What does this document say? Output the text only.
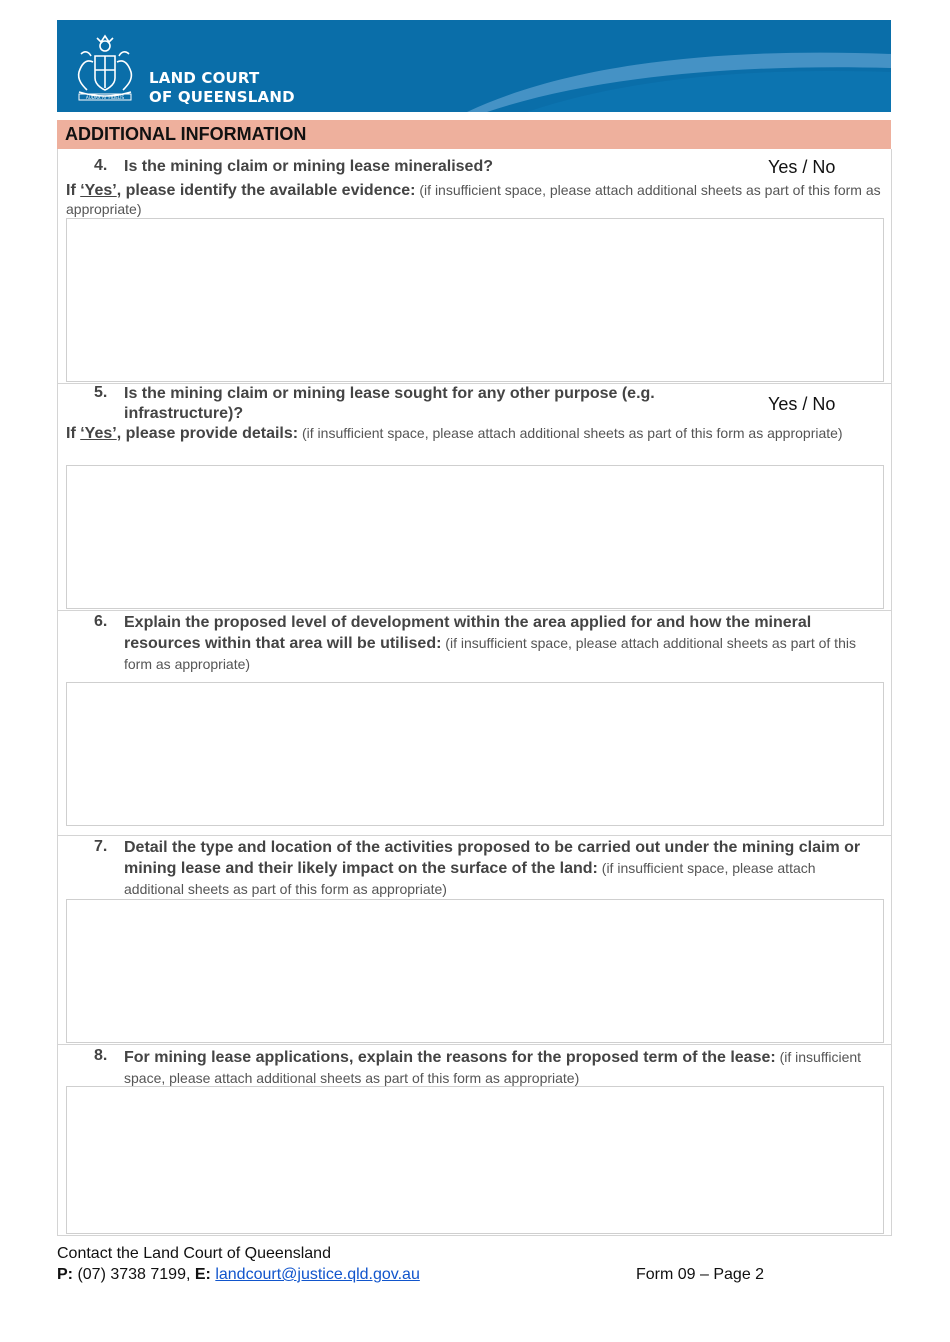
AUDAX AT FIDELIS
LAND COURT
OF QUEENSLAND
ADDITIONAL INFORMATION
4. Is the mining claim or mining lease mineralised?	Yes / No
If ‘Yes’, please identify the available evidence: (if insufficient space, please attach additional sheets as part of this form as appropriate)
5. Is the mining claim or mining lease sought for any other purpose (e.g. infrastructure)?	Yes / No
If ‘Yes’, please provide details: (if insufficient space, please attach additional sheets as part of this form as appropriate)
6. Explain the proposed level of development within the area applied for and how the mineral resources within that area will be utilised: (if insufficient space, please attach additional sheets as part of this form as appropriate)
7. Detail the type and location of the activities proposed to be carried out under the mining claim or mining lease and their likely impact on the surface of the land: (if insufficient space, please attach additional sheets as part of this form as appropriate)
8. For mining lease applications, explain the reasons for the proposed term of the lease: (if insufficient space, please attach additional sheets as part of this form as appropriate)
Contact the Land Court of Queensland
P: (07) 3738 7199, E: landcourt@justice.qld.gov.au	Form 09 – Page 2
